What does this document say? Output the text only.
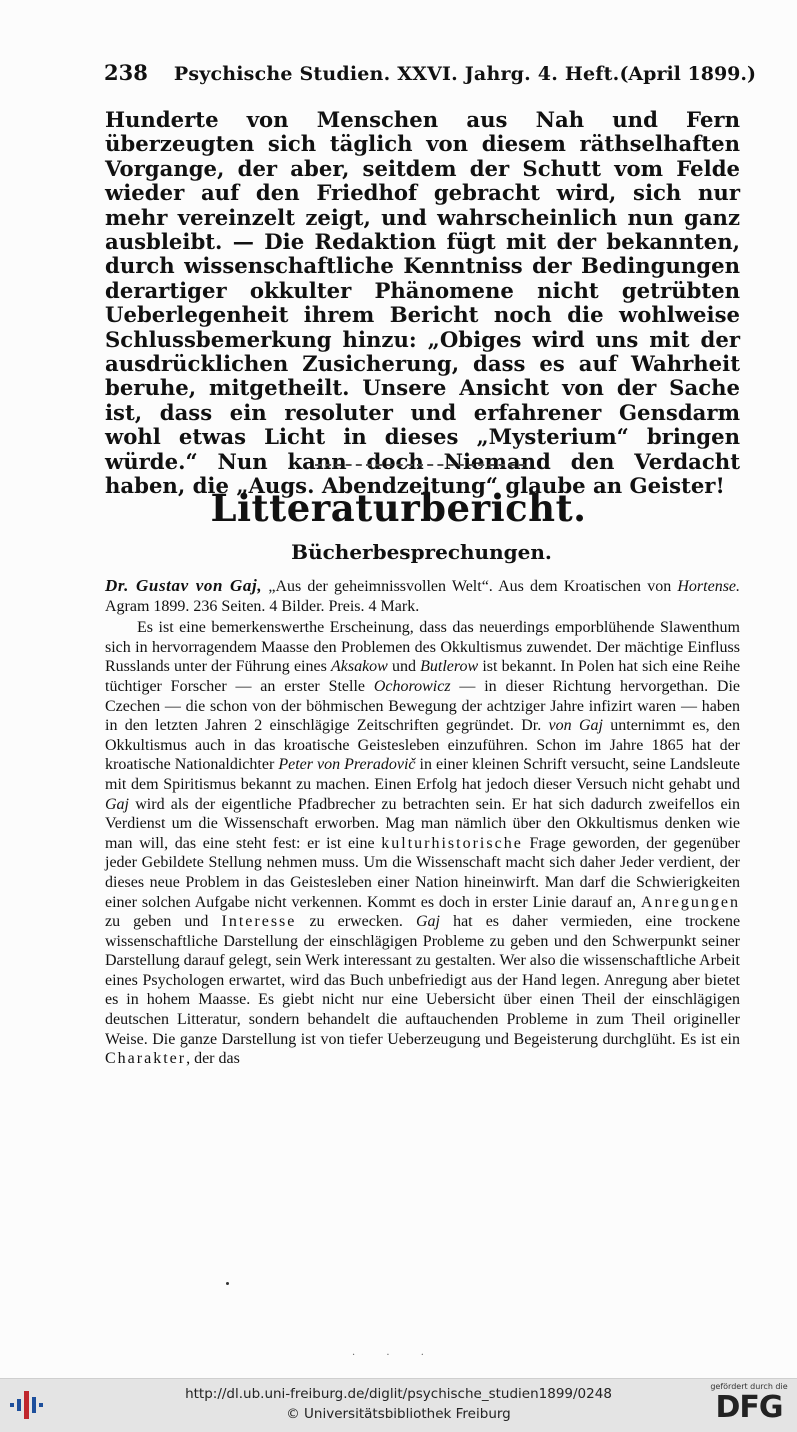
238 Psychische Studien. XXVI. Jahrg. 4. Heft. (April 1899.)

Hunderte von Menschen aus Nah und Fern überzeugten sich täglich von diesem räthselhaften Vorgange, der aber, seitdem der Schutt vom Felde wieder auf den Friedhof gebracht wird, sich nur mehr vereinzelt zeigt, und wahrscheinlich nun ganz ausbleibt. — Die Redaktion fügt mit der bekannten, durch wissenschaftliche Kenntniss der Bedingungen derartiger okkulter Phänomene nicht getrübten Ueberlegenheit ihrem Bericht noch die wohlweise Schlussbemerkung hinzu: „Obiges wird uns mit der ausdrücklichen Zusicherung, dass es auf Wahrheit beruhe, mitgetheilt. Unsere Ansicht von der Sache ist, dass ein resoluter und erfahrener Gensdarm wohl etwas Licht in dieses „Mysterium“ bringen würde.“ Nun kann doch Niemand den Verdacht haben, die „Augs. Abendzeitung“ glaube an Geister!

Litteraturbericht.
Bücherbesprechungen.

Dr. Gustav von Gaj, „Aus der geheimnissvollen Welt“. Aus dem Kroatischen von Hortense. Agram 1899. 236 Seiten. 4 Bilder. Preis. 4 Mark.

Es ist eine bemerkenswerthe Erscheinung, dass das neuerdings emporblühende Slawenthum sich in hervorragendem Maasse den Problemen des Okkultismus zuwendet. Der mächtige Einfluss Russlands unter der Führung eines Aksakow und Butlerow ist bekannt. In Polen hat sich eine Reihe tüchtiger Forscher — an erster Stelle Ochorowicz — in dieser Richtung hervorgethan. Die Czechen — die schon von der böhmischen Bewegung der achtziger Jahre infizirt waren — haben in den letzten Jahren 2 einschlägige Zeitschriften gegründet. Dr. von Gaj unternimmt es, den Okkultismus auch in das kroatische Geistesleben einzuführen. Schon im Jahre 1865 hat der kroatische Nationaldichter Peter von Preradovič in einer kleinen Schrift versucht, seine Landsleute mit dem Spiritismus bekannt zu machen. Einen Erfolg hat jedoch dieser Versuch nicht gehabt und Gaj wird als der eigentliche Pfadbrecher zu betrachten sein. Er hat sich dadurch zweifellos ein Verdienst um die Wissenschaft erworben. Mag man nämlich über den Okkultismus denken wie man will, das eine steht fest: er ist eine kulturhistorische Frage geworden, der gegenüber jeder Gebildete Stellung nehmen muss. Um die Wissenschaft macht sich daher Jeder verdient, der dieses neue Problem in das Geistesleben einer Nation hineinwirft. Man darf die Schwierigkeiten einer solchen Aufgabe nicht verkennen. Kommt es doch in erster Linie darauf an, Anregungen zu geben und Interesse zu erwecken. Gaj hat es daher vermieden, eine trockene wissenschaftliche Darstellung der einschlägigen Probleme zu geben und den Schwerpunkt seiner Darstellung darauf gelegt, sein Werk interessant zu gestalten. Wer also die wissenschaftliche Arbeit eines Psychologen erwartet, wird das Buch unbefriedigt aus der Hand legen. Anregung aber bietet es in hohem Maasse. Es giebt nicht nur eine Uebersicht über einen Theil der einschlägigen deutschen Litteratur, sondern behandelt die auftauchenden Probleme in zum Theil origineller Weise. Die ganze Darstellung ist von tiefer Ueberzeugung und Begeisterung durchglüht. Es ist ein Charakter, der das

· · ·
http://dl.ub.uni-freiburg.de/diglit/psychische_studien1899/0248
© Universitätsbibliothek Freiburg
gefördert durch die
DFG
